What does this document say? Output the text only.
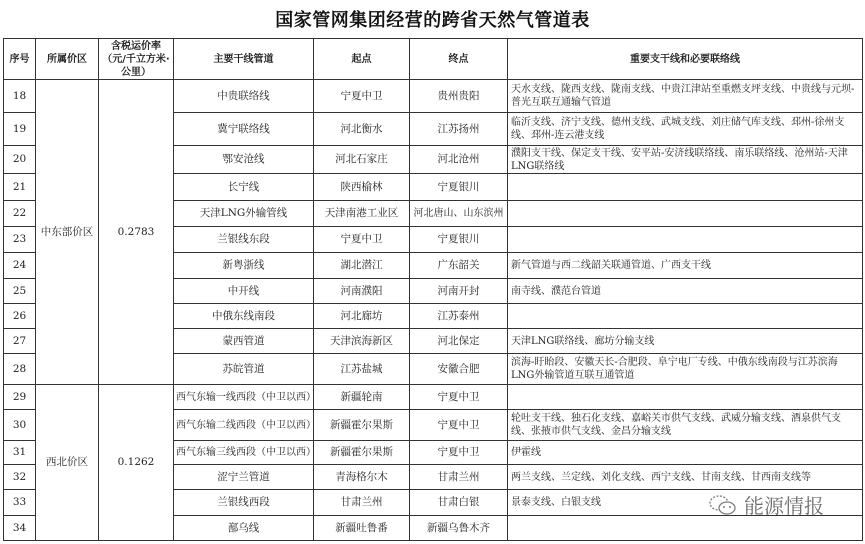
国家管网集团经营的跨省天然气管道表
序号	所属价区	含税运价率（元/千立方米·公里）	主要干线管道	起点	终点	重要支干线和必要联络线
18	中东部价区	0.2783	中贵联络线	宁夏中卫	贵州贵阳	天水支线、陇西支线、陇南支线、中贵江津站至重燃支坪支线、中贵线与元坝-普光互联互通输气管道
19			冀宁联络线	河北衡水	江苏扬州	临沂支线、济宁支线、德州支线、武城支线、刘庄储气库支线、邳州-徐州支线、邳州-连云港支线
20			鄂安沧线	河北石家庄	河北沧州	濮阳支干线、保定支干线、安平站-安济线联络线、南乐联络线、沧州站-天津LNG联络线
21			长宁线	陕西榆林	宁夏银川	
22			天津LNG外输管线	天津南港工业区	河北唐山、山东滨州	
23			兰银线东段	宁夏中卫	宁夏银川	
24			新粤浙线	湖北潜江	广东韶关	新气管道与西二线韶关联通管道、广西支干线
25			中开线	河南濮阳	河南开封	南寺线、濮范台管道
26			中俄东线南段	河北廊坊	江苏泰州	
27			蒙西管道	天津滨海新区	河北保定	天津LNG联络线、廊坊分输支线
28			苏皖管道	江苏盐城	安徽合肥	滨海-盱眙段、安徽天长-合肥段、阜宁电厂专线、中俄东线南段与江苏滨海LNG外输管道互联互通管道
29	西北价区	0.1262	西气东输一线西段（中卫以西）	新疆轮南	宁夏中卫	
30			西气东输二线西段（中卫以西）	新疆霍尔果斯	宁夏中卫	轮吐支干线、独石化支线、嘉峪关市供气支线、武威分输支线、酒泉供气支线、张掖市供气支线、金昌分输支线
31			西气东输三线西段（中卫以西）	新疆霍尔果斯	宁夏中卫	伊霍线
32			涩宁兰管道	青海格尔木	甘肃兰州	两兰支线、兰定线、刘化支线、西宁支线、甘南支线、甘西南支线等
33			兰银线西段	甘肃兰州	甘肃白银	景泰支线、白银支线
34			鄯乌线	新疆吐鲁番	新疆乌鲁木齐	
能源情报
